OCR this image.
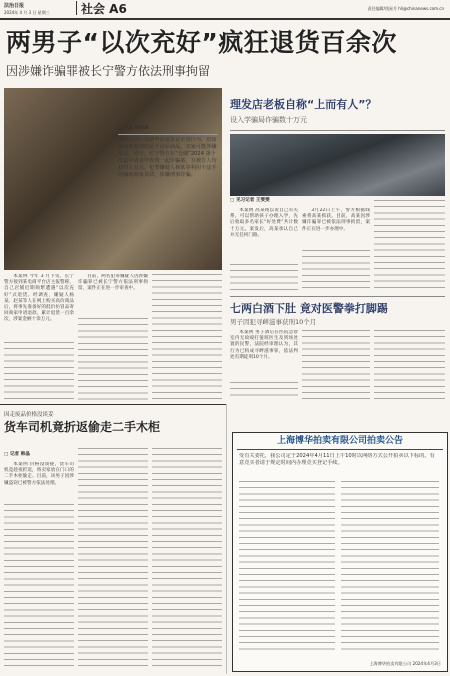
法治日报
2024年 4 月 3 日 星期三	社会 A6	责任编辑/钱星月 hli@chinanews.com.cn
两男子“以次充好”疯狂退货百余次
因涉嫌诈骗罪被长宁警方依法刑事拘留
□ 记者 陈晓琳
网购退货后重新申请退货是正常行为，但如果商家收到的是不是原商品，买家可能涉嫌违法。近日，长宁警方在“仓储”2024 第十次集中清查中发现一起诈骗案，且被告人均获得上万元，犯罪嫌疑人杨某等利用不法手段骗取商家货款，涉嫌刑事诈骗。

本案例 今年 3 月下旬，长宁警方接到某电商平台店主报警称，自己店铺近期频繁遭遇“以次充好”式退货。经调查，嫌疑人杨某、赵某等人在网上购买高价商品后，将事先准备好的低价仿冒品寄回商家申请退款，累计退货一百余次，涉案金额十余万元。

目前，两名犯罪嫌疑人因涉嫌诈骗罪已被长宁警方依法刑事拘留，案件正在进一步审查中。

理发店老板自称“上而有人”？
设入学骗局诈骗数十万元
□ 见习记者 王雯雯

本案例 高某现以说自己有关系，可以帮助孩子办理入学，先后收取多名家长“好处费”共计数十万元。案发后，高某承认自己并无任何门路。

3月22日上午，警方根据线索将高某抓获。目前，高某因涉嫌诈骗罪已被依法刑事拘留，案件正在进一步办理中。

七两白酒下肚 竟对医警拳打脚踢
男子因犯寻衅滋事获刑10个月

本案例 男子酒后在医院急诊室内无故殴打值班医生及到场处置的民警，法院经审理认为，其行为已构成寻衅滋事罪，依法判处有期徒刑10个月。

因走废品价格没谈妥
货车司机竟折返偷走二手木柜
□ 记者 韩晶

本案例 价格没谈拢，货车司机竟趁夜折返，将卖家放在门口的二手木柜偷走。目前，该男子因涉嫌盗窃已被警方依法处理。

上海博华拍卖有限公司拍卖公告
受有关委托，我公司定于2024年4月11日上午10时以网络方式公开拍卖以下标的。有意竞买者请于规定时间内办理竞买登记手续。
上海博华拍卖有限公司 2024年4月3日
